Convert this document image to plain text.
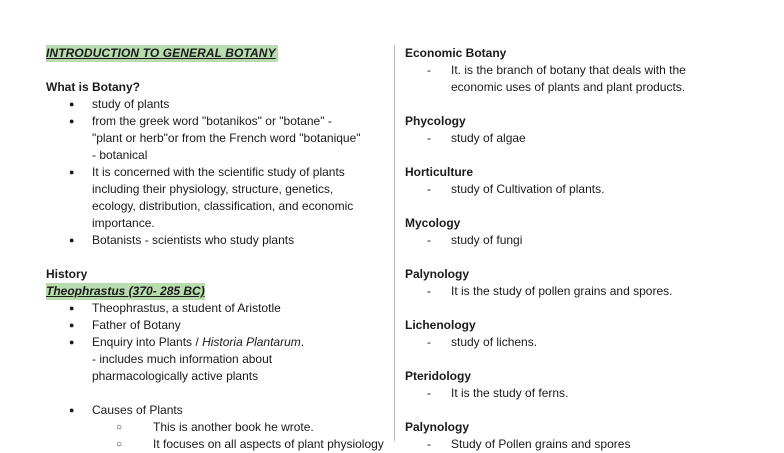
INTRODUCTION TO GENERAL BOTANY
What is Botany?
● study of plants
● from the greek word "botanikos" or "botane" -
"plant or herb"or from the French word "botanique"
- botanical
● It is concerned with the scientific study of plants
including their physiology, structure, genetics,
ecology, distribution, classification, and economic
importance.
● Botanists - scientists who study plants
History
Theophrastus (370- 285 BC)
● Theophrastus, a student of Aristotle
● Father of Botany
● Enquiry into Plants / Historia Plantarum.
- includes much information about
pharmacologically active plants
● Causes of Plants
○ This is another book he wrote.
○ It focuses on all aspects of plant physiology
Economic Botany
- It. is the branch of botany that deals with the
economic uses of plants and plant products.
Phycology
- study of algae
Horticulture
- study of Cultivation of plants.
Mycology
- study of fungi
Palynology
- It is the study of pollen grains and spores.
Lichenology
- study of lichens.
Pteridology
- It is the study of ferns.
Palynology
- Study of Pollen grains and spores
